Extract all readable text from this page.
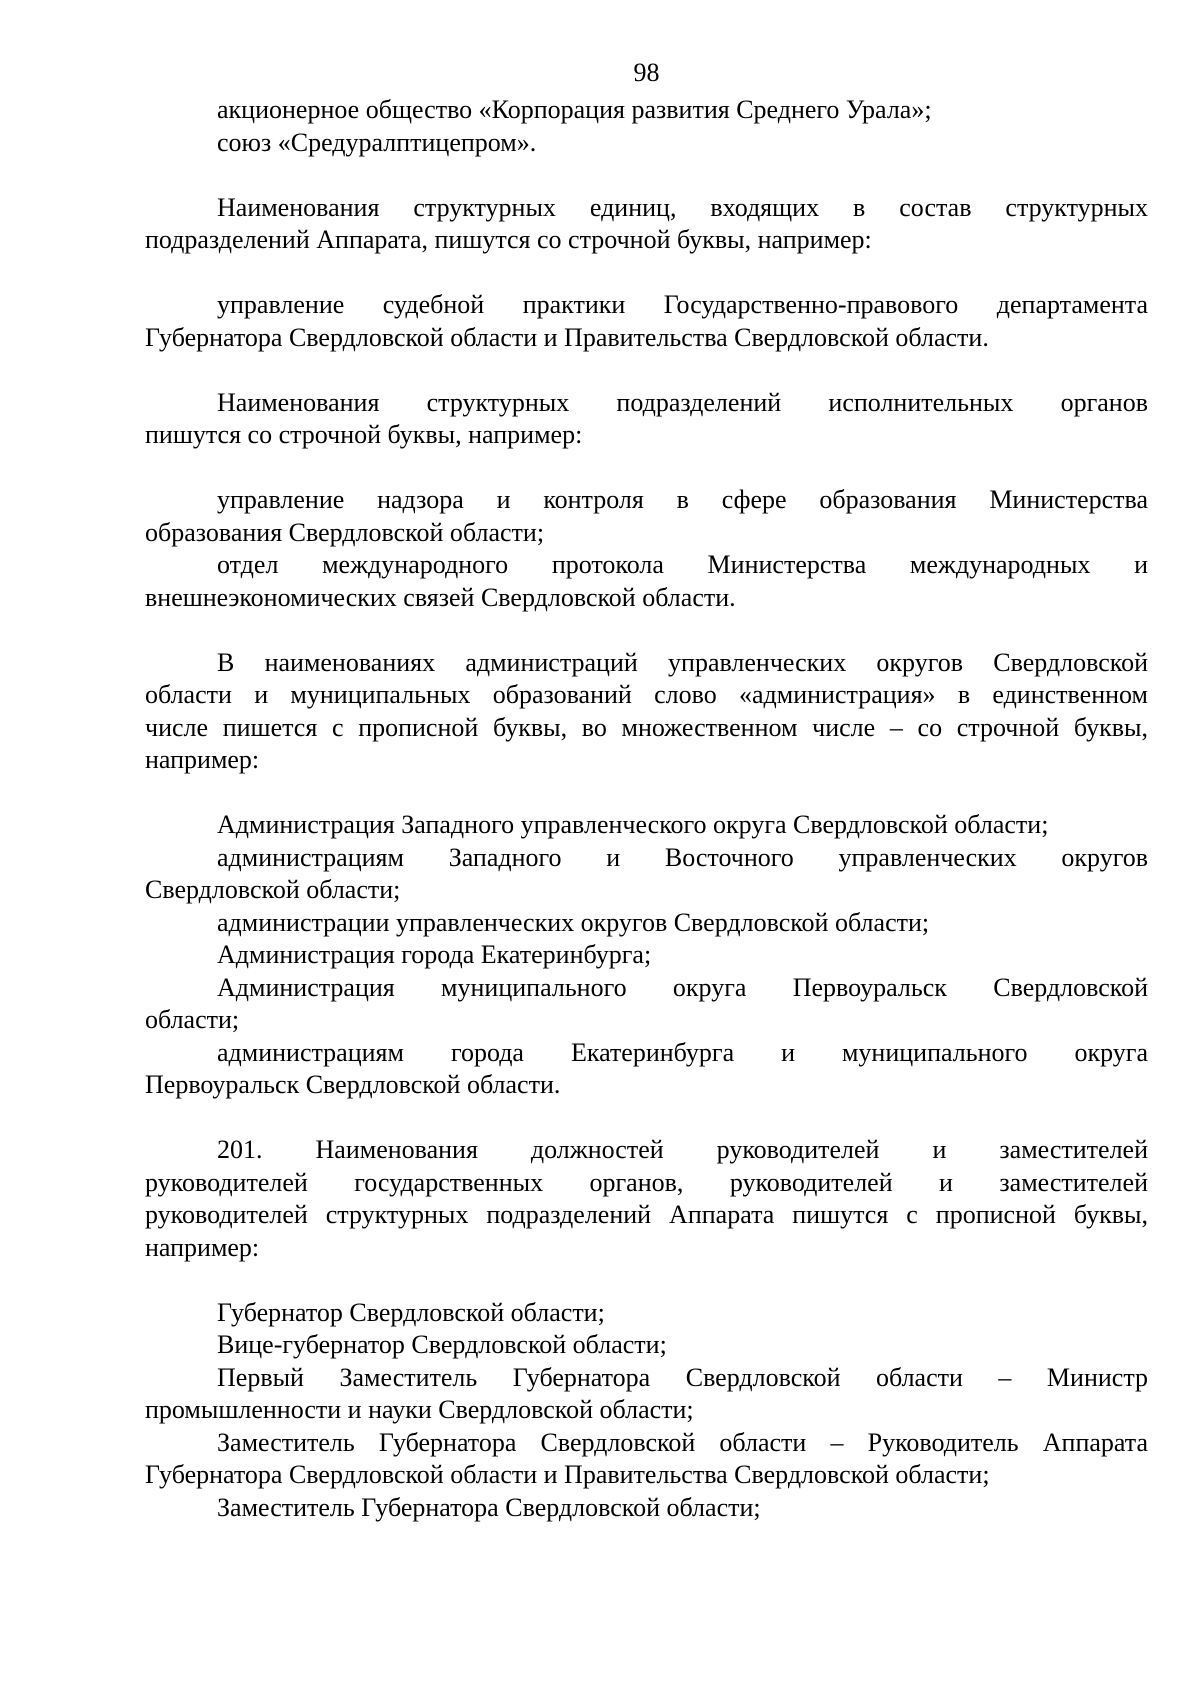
98
акционерное общество «Корпорация развития Среднего Урала»;
союз «Средуралптицепром».
Наименования структурных единиц, входящих в состав структурных
подразделений Аппарата, пишутся со строчной буквы, например:
управление судебной практики Государственно-правового департамента
Губернатора Свердловской области и Правительства Свердловской области.
Наименования структурных подразделений исполнительных органов
пишутся со строчной буквы, например:
управление надзора и контроля в сфере образования Министерства
образования Свердловской области;
отдел международного протокола Министерства международных и
внешнеэкономических связей Свердловской области.
В наименованиях администраций управленческих округов Свердловской
области и муниципальных образований слово «администрация» в единственном
числе пишется с прописной буквы, во множественном числе – со строчной буквы,
например:
Администрация Западного управленческого округа Свердловской области;
администрациям Западного и Восточного управленческих округов
Свердловской области;
администрации управленческих округов Свердловской области;
Администрация города Екатеринбурга;
Администрация муниципального округа Первоуральск Свердловской
области;
администрациям города Екатеринбурга и муниципального округа
Первоуральск Свердловской области.
201. Наименования должностей руководителей и заместителей
руководителей государственных органов, руководителей и заместителей
руководителей структурных подразделений Аппарата пишутся с прописной буквы,
например:
Губернатор Свердловской области;
Вице-губернатор Свердловской области;
Первый Заместитель Губернатора Свердловской области – Министр
промышленности и науки Свердловской области;
Заместитель Губернатора Свердловской области – Руководитель Аппарата
Губернатора Свердловской области и Правительства Свердловской области;
Заместитель Губернатора Свердловской области;
